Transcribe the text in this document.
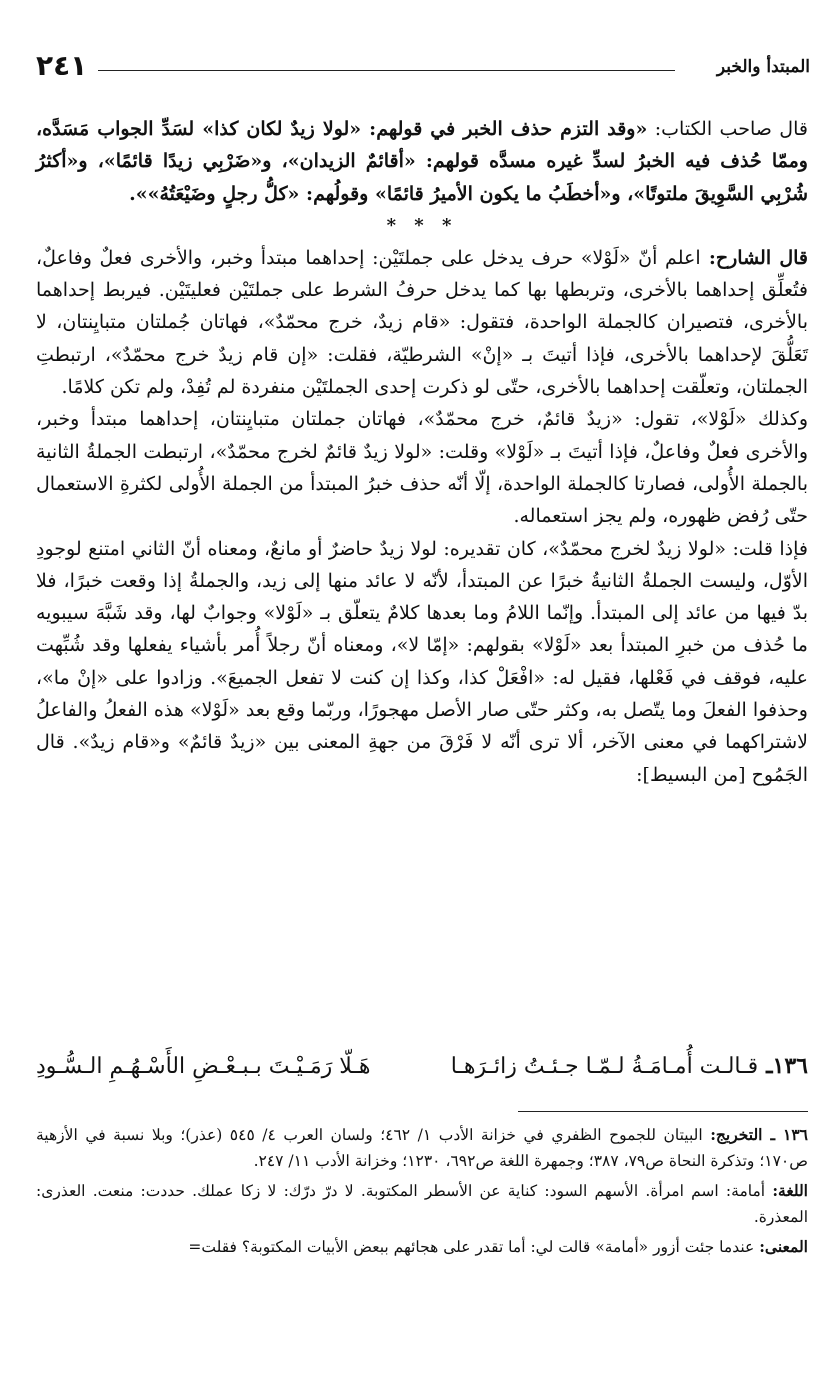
٢٤١	المبتدأ والخبر

قال صاحب الكتاب: «وقد التزم حذف الخبر في قولهم: «لولا زيدٌ لكان كذا» لسَدِّ الجواب مَسَدَّه، وممّا حُذف فيه الخبرُ لسدِّ غيره مسدَّه قولهم: «أقائمٌ الزيدان»، و«ضَرْبِي زيدًا قائمًا»، و«أكثرُ شُرْبِي السَّوِيقَ ملتوتًا»، و«أخطَبُ ما يكون الأميرُ قائمًا» وقولُهم: «كلُّ رجلٍ وضَيْعَتُهُ»».

* * *

قال الشارح: اعلم أنّ «لَوْلا» حرف يدخل على جملتَيْن: إحداهما مبتدأ وخبر، والأخرى فعلٌ وفاعلٌ، فتُعلِّق إحداهما بالأخرى، وتربطها بها كما يدخل حرفُ الشرط على جملتَيْن فعليتَيْن. فيربط إحداهما بالأخرى، فتصيران كالجملة الواحدة، فتقول: «قام زيدٌ، خرج محمّدٌ»، فهاتان جُملتان متبايِنتان، لا تَعَلُّقَ لإحداهما بالأخرى، فإذا أتيتَ بـ «إنْ» الشرطيّة، فقلت: «إن قام زيدٌ خرج محمّدٌ»، ارتبطتِ الجملتان، وتعلّقت إحداهما بالأخرى، حتّى لو ذكرت إحدى الجملتَيْن منفردة لم تُفِدْ، ولم تكن كلامًا.

وكذلك «لَوْلا»، تقول: «زيدٌ قائمٌ، خرج محمّدٌ»، فهاتان جملتان متبايِنتان، إحداهما مبتدأ وخبر، والأخرى فعلٌ وفاعلٌ، فإذا أتيتَ بـ «لَوْلا» وقلت: «لولا زيدٌ قائمٌ لخرج محمّدٌ»، ارتبطت الجملةُ الثانية بالجملة الأُولى، فصارتا كالجملة الواحدة، إلّا أنّه حذف خبرُ المبتدأ من الجملة الأُولى لكثرةِ الاستعمال حتّى رُفض ظهوره، ولم يجز استعماله.

فإذا قلت: «لولا زيدٌ لخرج محمّدٌ»، كان تقديره: لولا زيدٌ حاضرٌ أو مانعٌ، ومعناه أنّ الثاني امتنع لوجودِ الأوّل، وليست الجملةُ الثانيةُ خبرًا عن المبتدأ، لأنّه لا عائد منها إلى زيد، والجملةُ إذا وقعت خبرًا، فلا بدّ فيها من عائد إلى المبتدأ. وإنّما اللامُ وما بعدها كلامٌ يتعلّق بـ «لَوْلا» وجوابٌ لها، وقد شَبَّهَ سيبويه ما حُذف من خبرِ المبتدأ بعد «لَوْلا» بقولهم: «إمّا لا»، ومعناه أنّ رجلاً أُمر بأشياء يفعلها وقد شُبِّهت عليه، فوقف في فَعْلها، فقيل له: «افْعَلْ كذا، وكذا إن كنت لا تفعل الجميعَ». وزادوا على «إنْ ما»، وحذفوا الفعلَ وما يتّصل به، وكثر حتّى صار الأصل مهجورًا، وربّما وقع بعد «لَوْلا» هذه الفعلُ والفاعلُ لاشتراكهما في معنى الآخر، ألا ترى أنّه لا فَرْقَ من جهةِ المعنى بين «زيدٌ قائمٌ» و«قام زيدٌ». قال الجَمُوح [من البسيط]:

١٣٦ـ
قـالـت أُمـامَـةُ لـمّـا جـئـتُ زائـرَهـا
هَـلّا رَمَـيْـتَ بـبـعْـضِ الأَسْـهُـمِ الـسُّـودِ

١٣٦ ـ التخريج: البيتان للجموح الظفري في خزانة الأدب ١/ ٤٦٢؛ ولسان العرب ٤/ ٥٤٥ (عذر)؛ وبلا نسبة في الأزهية ص١٧٠؛ وتذكرة النحاة ص٧٩، ٣٨٧؛ وجمهرة اللغة ص٦٩٢، ١٢٣٠؛ وخزانة الأدب ١١/ ٢٤٧.

اللغة: أمامة: اسم امرأة. الأسهم السود: كناية عن الأسطر المكتوبة. لا درّ درّك: لا زكا عملك. حددت: منعت. العذرى: المعذرة.

المعنى: عندما جئت أزور «أمامة» قالت لي: أما تقدر على هجائهم ببعض الأبيات المكتوبة؟ فقلت=
